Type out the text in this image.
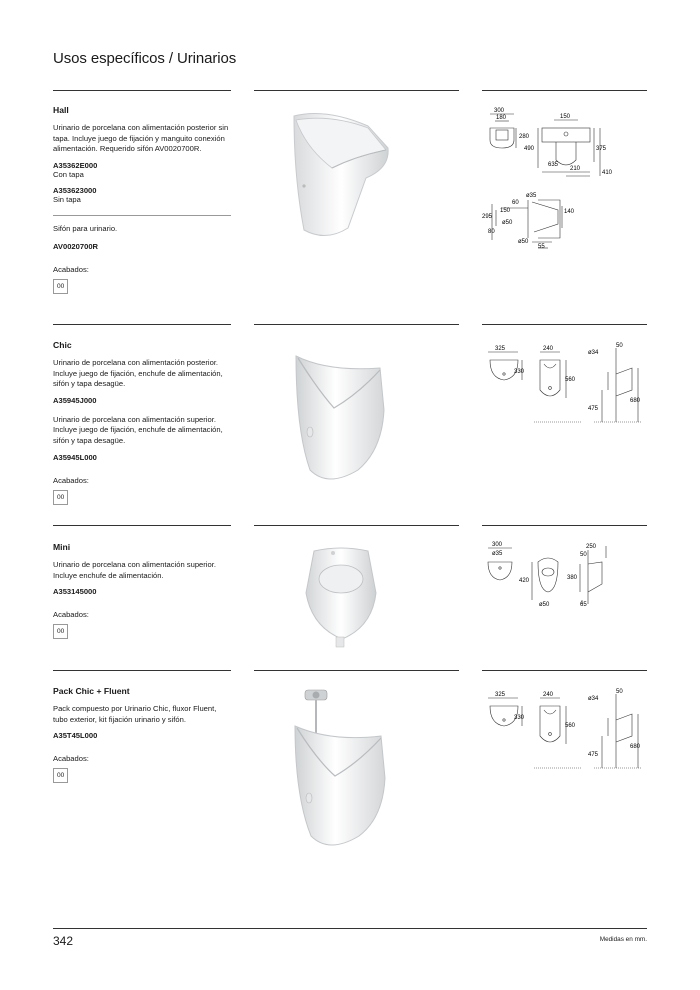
Usos específicos / Urinarios
Hall
Urinario de porcelana con alimentación posterior sin tapa. Incluye juego de fijación y manguito conexión alimentación. Requerido sifón AV0020700R.
A35362E000
Con tapa
A353623000
Sin tapa
Sifón para urinario.
AV0020700R
Acabados:
00
300
180
280
150
490	375
635
210
410
ø35
60
150	140
295
ø50
80
ø50
55
Chic
Urinario de porcelana con alimentación posterior. Incluye juego de fijación, enchufe de alimentación, sifón y tapa desagüe.
A35945J000
Urinario de porcelana con alimentación superior. Incluye juego de fijación, enchufe de alimentación, sifón y tapa desagüe.
A35945L000
Acabados:
00
325
330
240
560
ø34
50
475
680
Mini
Urinario de porcelana con alimentación superior. Incluye enchufe de alimentación.
A353145000
Acabados:
00
300
ø35
420
ø50
250
50
380
65
Pack Chic + Fluent
Pack compuesto por Urinario Chic, fluxor Fluent, tubo exterior, kit fijación urinario y sifón.
A35T45L000
Acabados:
00
325
330
240
560
ø34
50
475
680
342	Medidas en mm.
